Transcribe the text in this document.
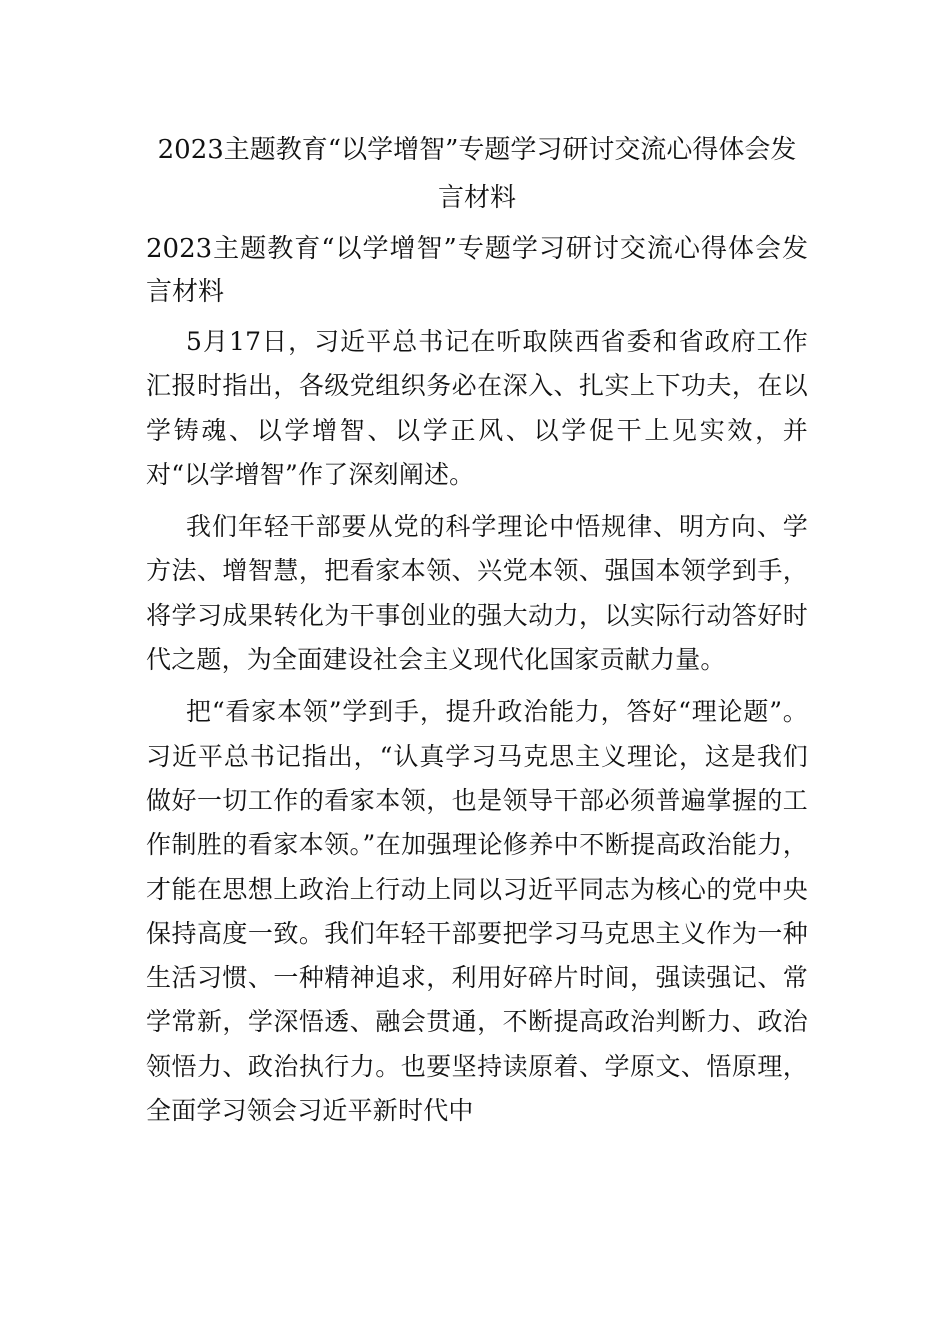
2023主题教育“以学增智”专题学习研讨交流心得体会发
言材料

2023主题教育“以学增智”专题学习研讨交流心得体会发言材料

5月17日，习近平总书记在听取陕西省委和省政府工作汇报时指出，各级党组织务必在深入、扎实上下功夫，在以学铸魂、以学增智、以学正风、以学促干上见实效，并对“以学增智”作了深刻阐述。

我们年轻干部要从党的科学理论中悟规律、明方向、学方法、增智慧，把看家本领、兴党本领、强国本领学到手，将学习成果转化为干事创业的强大动力，以实际行动答好时代之题，为全面建设社会主义现代化国家贡献力量。

把“看家本领”学到手，提升政治能力，答好“理论题”。习近平总书记指出，“认真学习马克思主义理论，这是我们做好一切工作的看家本领，也是领导干部必须普遍掌握的工作制胜的看家本领。”在加强理论修养中不断提高政治能力，才能在思想上政治上行动上同以习近平同志为核心的党中央保持高度一致。我们年轻干部要把学习马克思主义作为一种生活习惯、一种精神追求，利用好碎片时间，强读强记、常学常新，学深悟透、融会贯通，不断提高政治判断力、政治领悟力、政治执行力。也要坚持读原着、学原文、悟原理，全面学习领会习近平新时代中
